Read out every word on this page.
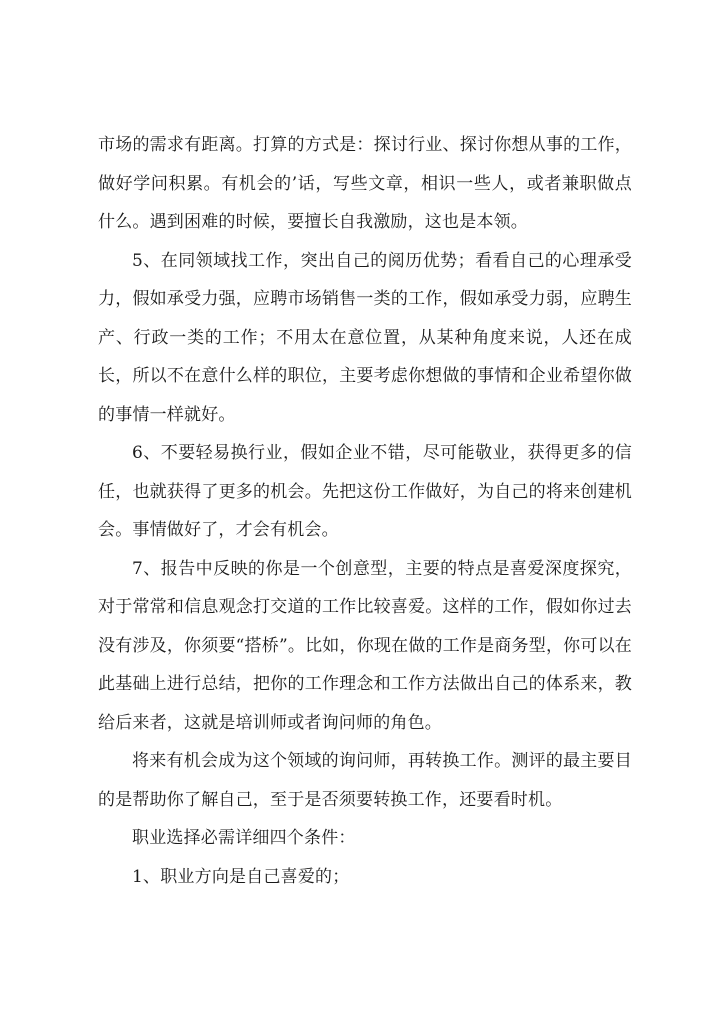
市场的需求有距离。打算的方式是：探讨行业、探讨你想从事的工作，做好学问积累。有机会的’话，写些文章，相识一些人，或者兼职做点什么。遇到困难的时候，要擅长自我激励，这也是本领。

5、在同领域找工作，突出自己的阅历优势；看看自己的心理承受力，假如承受力强，应聘市场销售一类的工作，假如承受力弱，应聘生产、行政一类的工作；不用太在意位置，从某种角度来说，人还在成长，所以不在意什么样的职位，主要考虑你想做的事情和企业希望你做的事情一样就好。

6、不要轻易换行业，假如企业不错，尽可能敬业，获得更多的信任，也就获得了更多的机会。先把这份工作做好，为自己的将来创建机会。事情做好了，才会有机会。

7、报告中反映的你是一个创意型，主要的特点是喜爱深度探究，对于常常和信息观念打交道的工作比较喜爱。这样的工作，假如你过去没有涉及，你须要“搭桥”。比如，你现在做的工作是商务型，你可以在此基础上进行总结，把你的工作理念和工作方法做出自己的体系来，教给后来者，这就是培训师或者询问师的角色。

将来有机会成为这个领域的询问师，再转换工作。测评的最主要目的是帮助你了解自己，至于是否须要转换工作，还要看时机。

职业选择必需详细四个条件：

1、职业方向是自己喜爱的；
